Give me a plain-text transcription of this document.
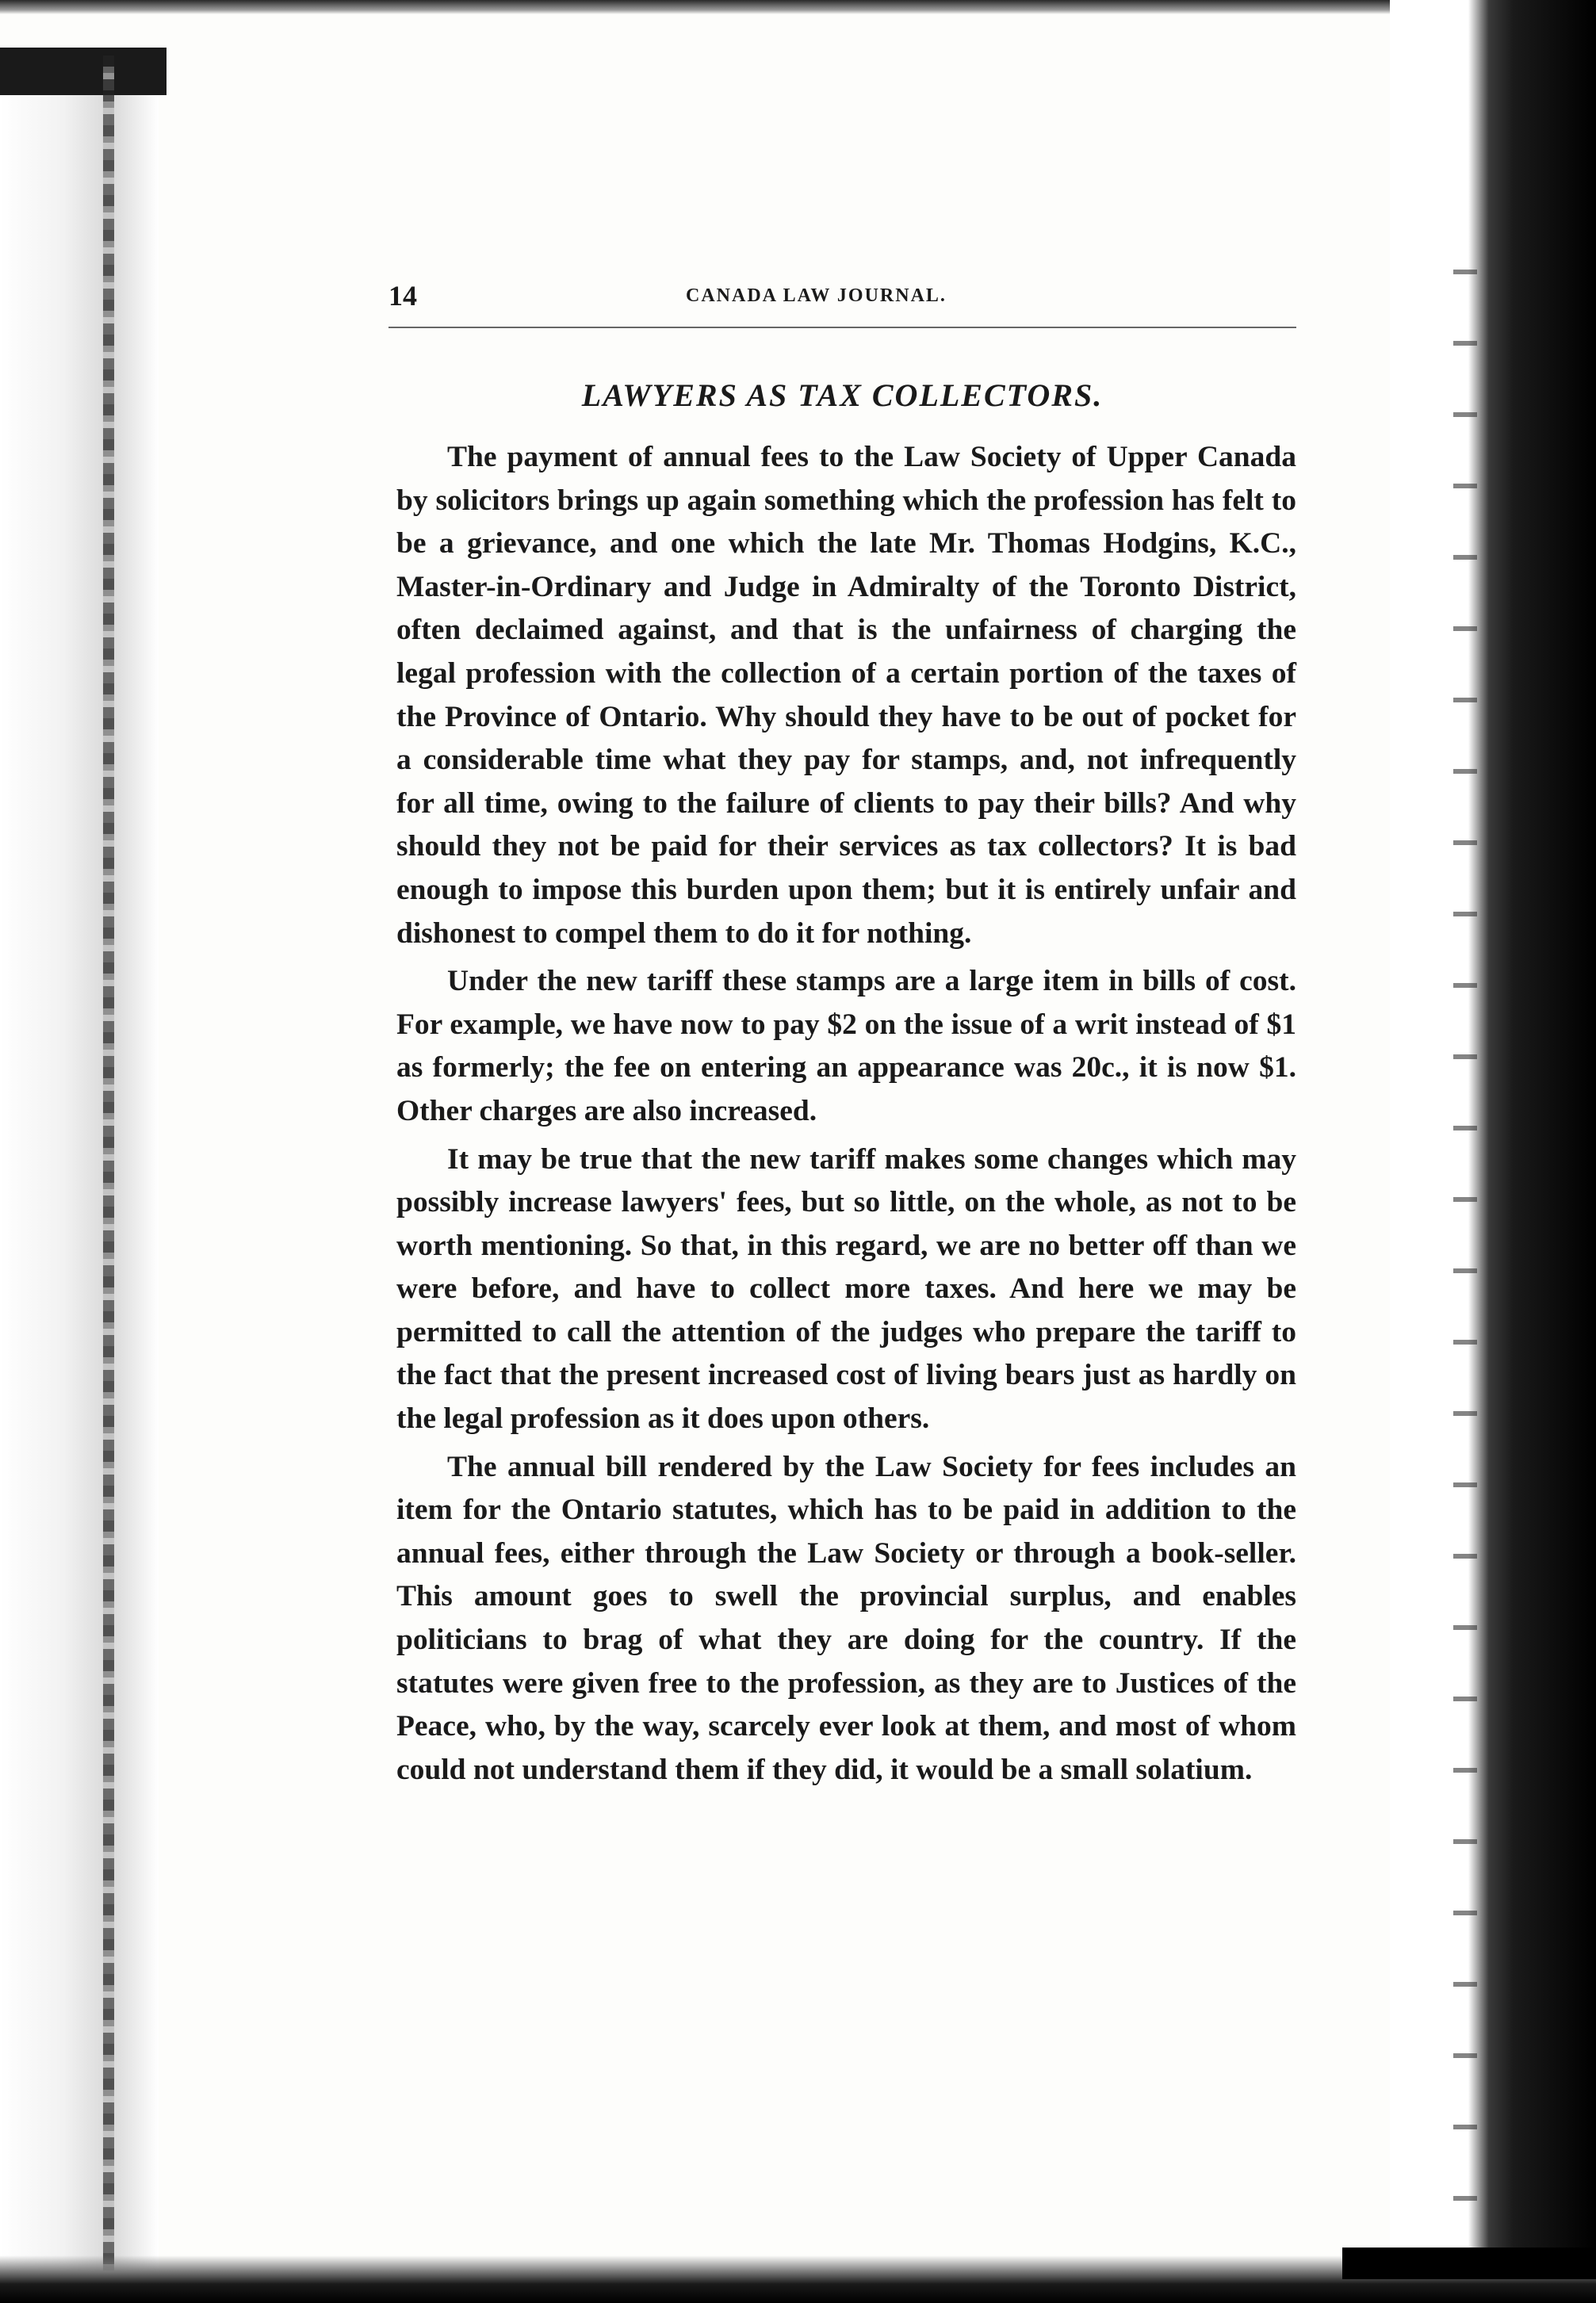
14	CANADA LAW JOURNAL.
LAWYERS AS TAX COLLECTORS.

The payment of annual fees to the Law Society of Upper Canada by solicitors brings up again something which the profession has felt to be a grievance, and one which the late Mr. Thomas Hodgins, K.C., Master-in-Ordinary and Judge in Admiralty of the Toronto District, often declaimed against, and that is the unfairness of charging the legal profession with the collection of a certain portion of the taxes of the Province of Ontario. Why should they have to be out of pocket for a considerable time what they pay for stamps, and, not infrequently for all time, owing to the failure of clients to pay their bills? And why should they not be paid for their services as tax collectors? It is bad enough to impose this burden upon them; but it is entirely unfair and dishonest to compel them to do it for nothing.

Under the new tariff these stamps are a large item in bills of cost. For example, we have now to pay $2 on the issue of a writ instead of $1 as formerly; the fee on entering an appearance was 20c., it is now $1. Other charges are also increased.

It may be true that the new tariff makes some changes which may possibly increase lawyers' fees, but so little, on the whole, as not to be worth mentioning. So that, in this regard, we are no better off than we were before, and have to collect more taxes. And here we may be permitted to call the attention of the judges who prepare the tariff to the fact that the present increased cost of living bears just as hardly on the legal profession as it does upon others.

The annual bill rendered by the Law Society for fees includes an item for the Ontario statutes, which has to be paid in addition to the annual fees, either through the Law Society or through a book-seller. This amount goes to swell the provincial surplus, and enables politicians to brag of what they are doing for the country. If the statutes were given free to the profession, as they are to Justices of the Peace, who, by the way, scarcely ever look at them, and most of whom could not understand them if they did, it would be a small solatium.
